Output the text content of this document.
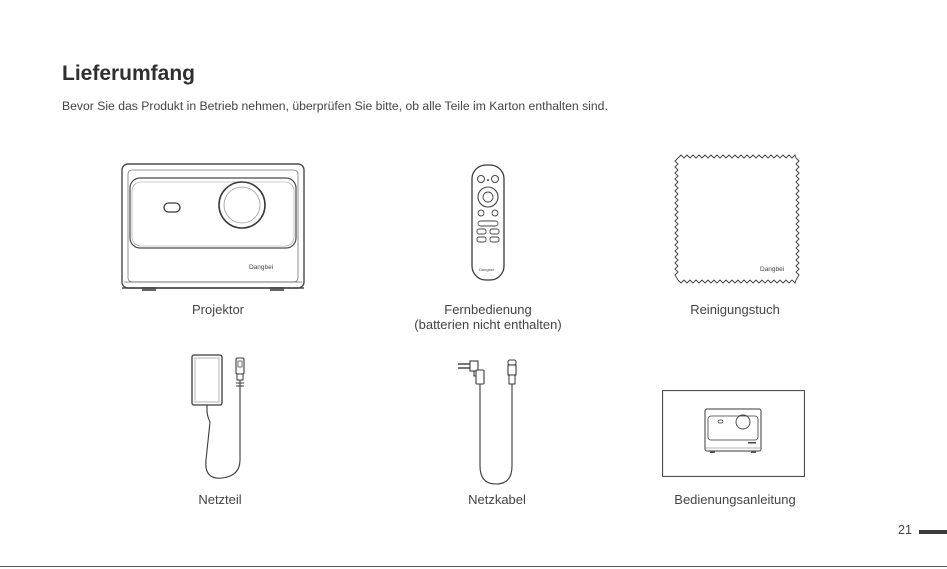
Lieferumfang

Bevor Sie das Produkt in Betrieb nehmen, überprüfen Sie bitte, ob alle Teile im Karton enthalten sind.

Dangbei
Projektor
Dangbei
Fernbedienung
(batterien nicht enthalten)
Dangbei
Reinigungstuch
Netzteil	Netzkabel	Bedienungsanleitung
21
